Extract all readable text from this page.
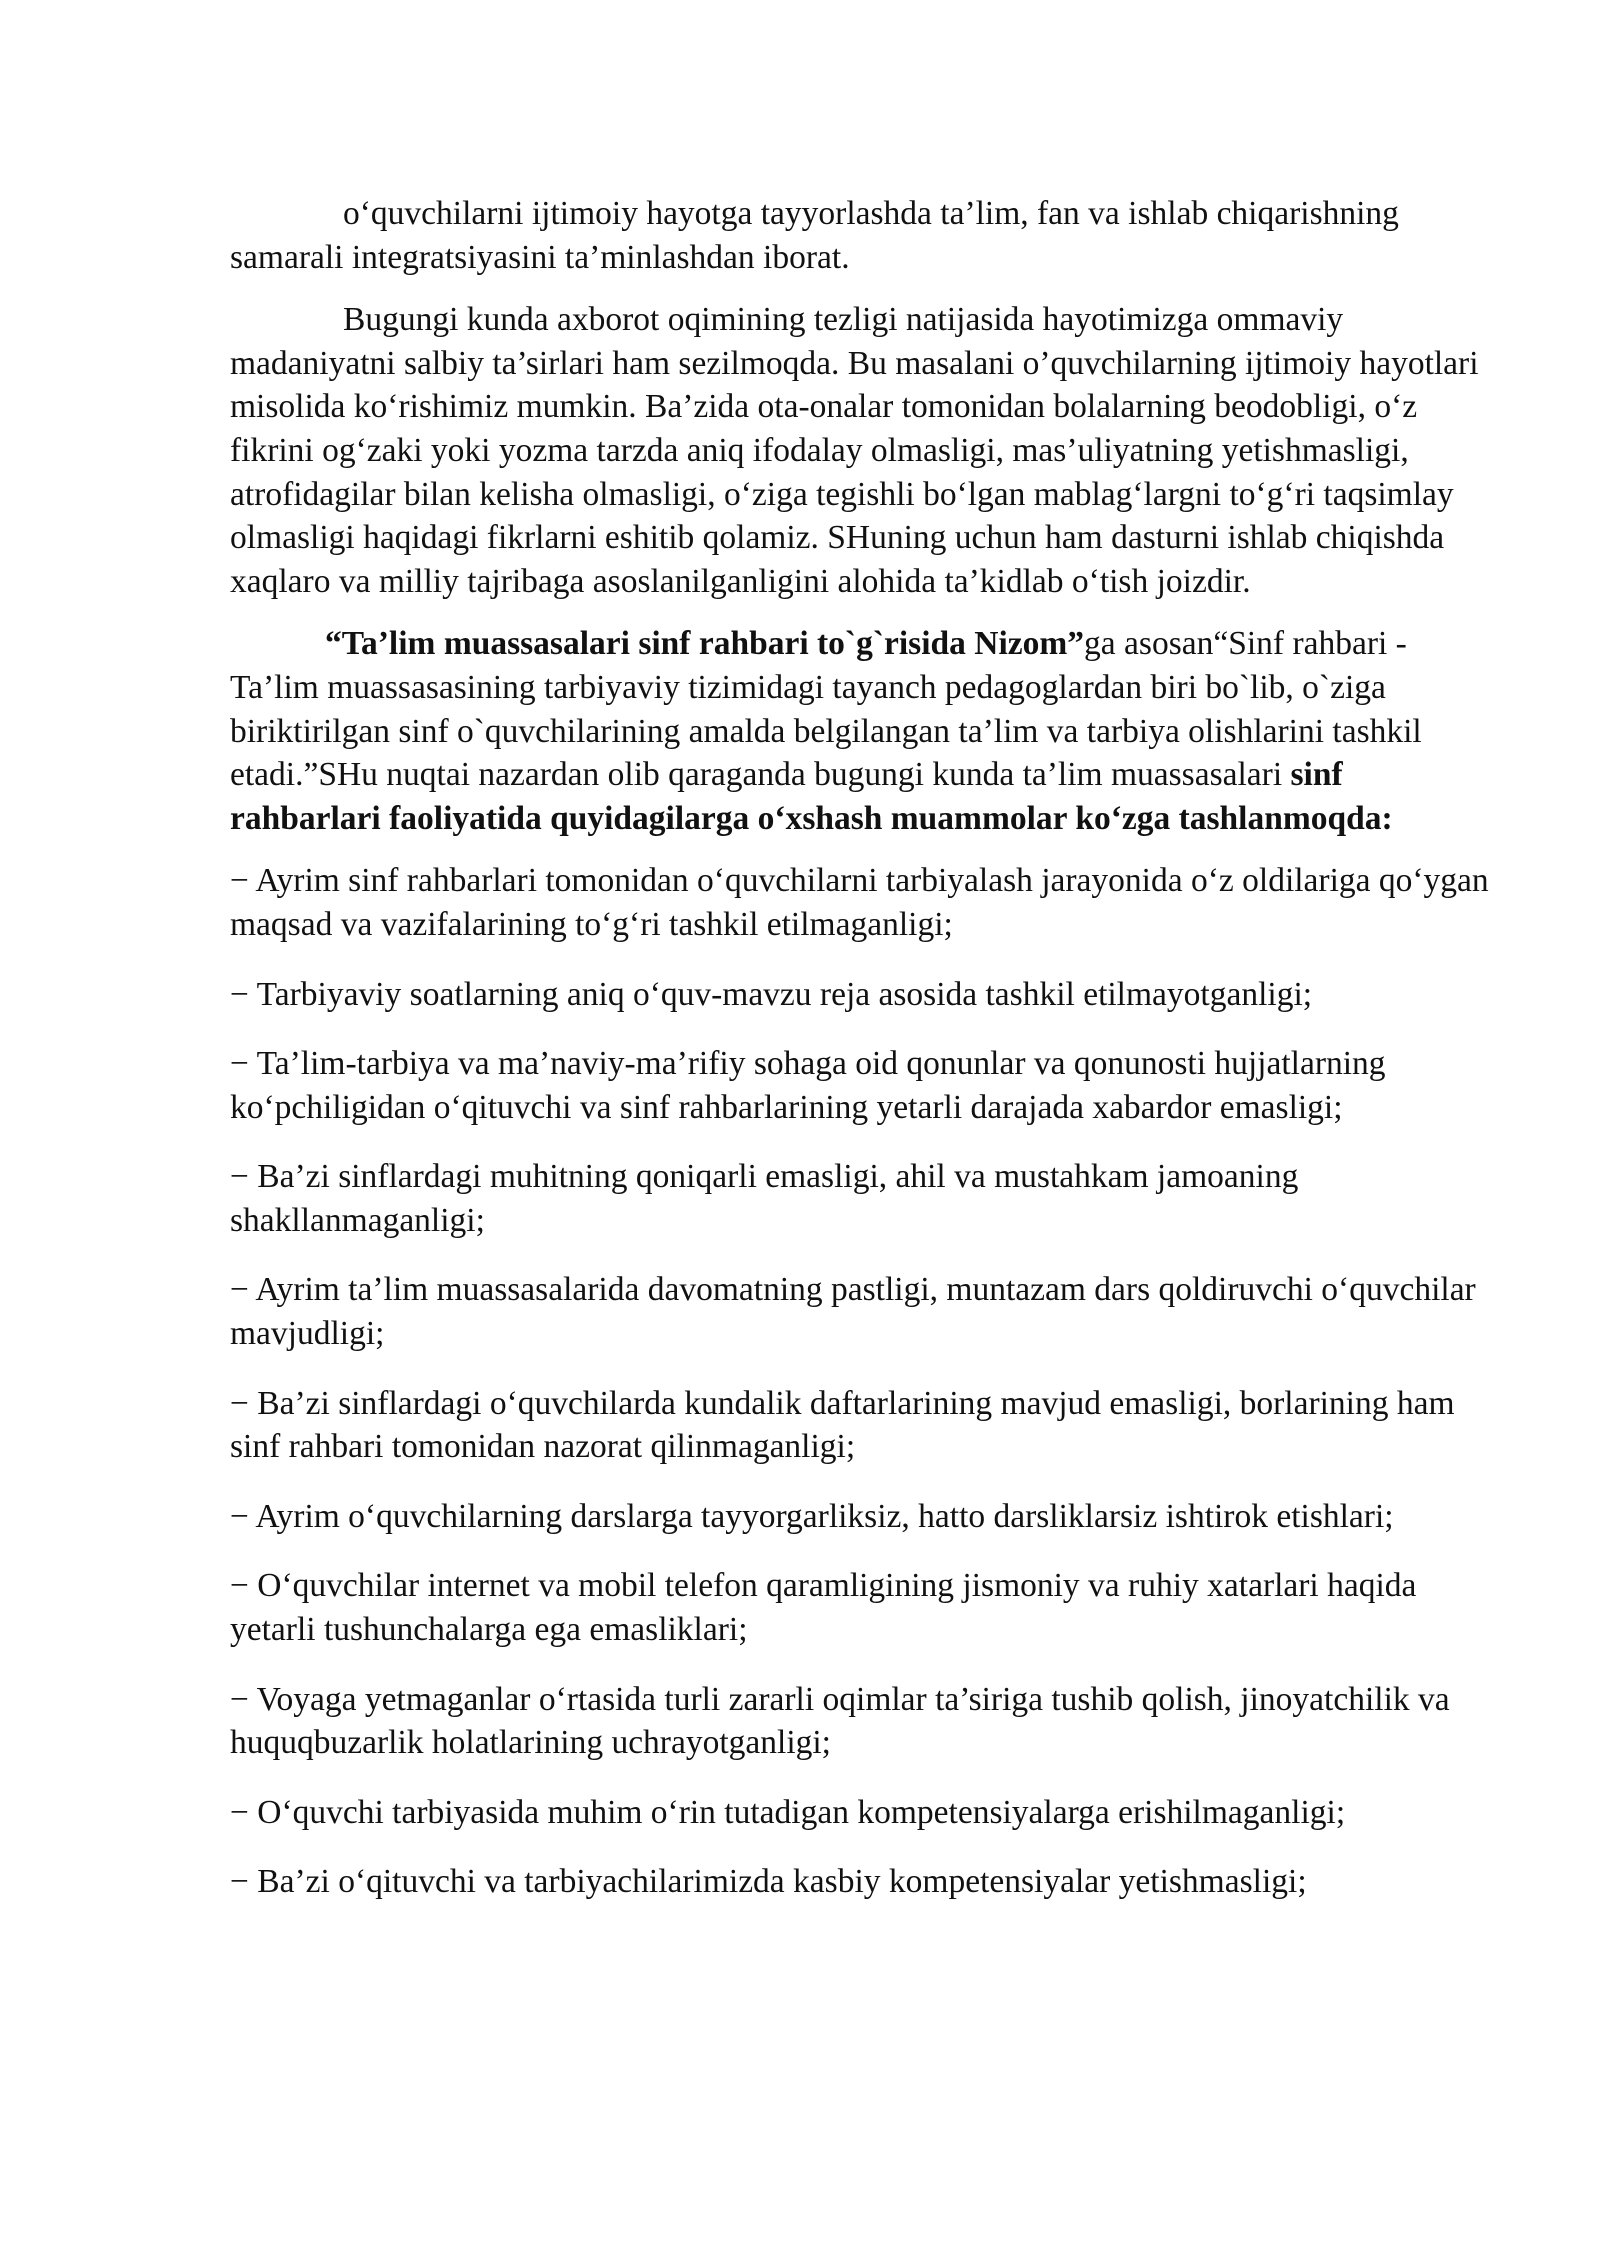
o‘quvchilarni ijtimoiy hayotga tayyorlashda ta’lim, fan va ishlab chiqarishning samarali integratsiyasini ta’minlashdan iborat.

Bugungi kunda axborot oqimining tezligi natijasida hayotimizga ommaviy madaniyatni salbiy ta’sirlari ham sezilmoqda. Bu masalani o’quvchilarning ijtimoiy hayotlari misolida ko‘rishimiz mumkin. Ba’zida ota-onalar tomonidan bolalarning beodobligi, o‘z fikrini og‘zaki yoki yozma tarzda aniq ifodalay olmasligi, mas’uliyatning yetishmasligi, atrofidagilar bilan kelisha olmasligi, o‘ziga tegishli bo‘lgan mablag‘largni to‘g‘ri taqsimlay olmasligi haqidagi fikrlarni eshitib qolamiz. SHuning uchun ham dasturni ishlab chiqishda xaqlaro va milliy tajribaga asoslanilganligini alohida ta’kidlab o‘tish joizdir.

“Ta’lim muassasalari sinf rahbari to`g`risida Nizom”ga asosan“Sinf rahbari - Ta’lim muassasasining tarbiyaviy tizimidagi tayanch pedagoglardan biri bo`lib, o`ziga biriktirilgan sinf o`quvchilarining amalda belgilangan ta’lim va tarbiya olishlarini tashkil etadi.”SHu nuqtai nazardan olib qaraganda bugungi kunda ta’lim muassasalari sinf rahbarlari faoliyatida quyidagilarga o‘xshash muammolar ko‘zga tashlanmoqda:

− Ayrim sinf rahbarlari tomonidan o‘quvchilarni tarbiyalash jarayonida o‘z oldilariga qo‘ygan maqsad va vazifalarining to‘g‘ri tashkil etilmaganligi;

− Tarbiyaviy soatlarning aniq o‘quv-mavzu reja asosida tashkil etilmayotganligi;

− Ta’lim-tarbiya va ma’naviy-ma’rifiy sohaga oid qonunlar va qonunosti hujjatlarning ko‘pchiligidan o‘qituvchi va sinf rahbarlarining yetarli darajada xabardor emasligi;

− Ba’zi sinflardagi muhitning qoniqarli emasligi, ahil va mustahkam jamoaning shakllanmaganligi;

− Ayrim ta’lim muassasalarida davomatning pastligi, muntazam dars qoldiruvchi o‘quvchilar mavjudligi;

− Ba’zi sinflardagi o‘quvchilarda kundalik daftarlarining mavjud emasligi, borlarining ham sinf rahbari tomonidan nazorat qilinmaganligi;

− Ayrim o‘quvchilarning darslarga tayyorgarliksiz, hatto darsliklarsiz ishtirok etishlari;

− O‘quvchilar internet va mobil telefon qaramligining jismoniy va ruhiy xatarlari haqida yetarli tushunchalarga ega emasliklari;

− Voyaga yetmaganlar o‘rtasida turli zararli oqimlar ta’siriga tushib qolish, jinoyatchilik va huquqbuzarlik holatlarining uchrayotganligi;

− O‘quvchi tarbiyasida muhim o‘rin tutadigan kompetensiyalarga erishilmaganligi;

− Ba’zi o‘qituvchi va tarbiyachilarimizda kasbiy kompetensiyalar yetishmasligi;
